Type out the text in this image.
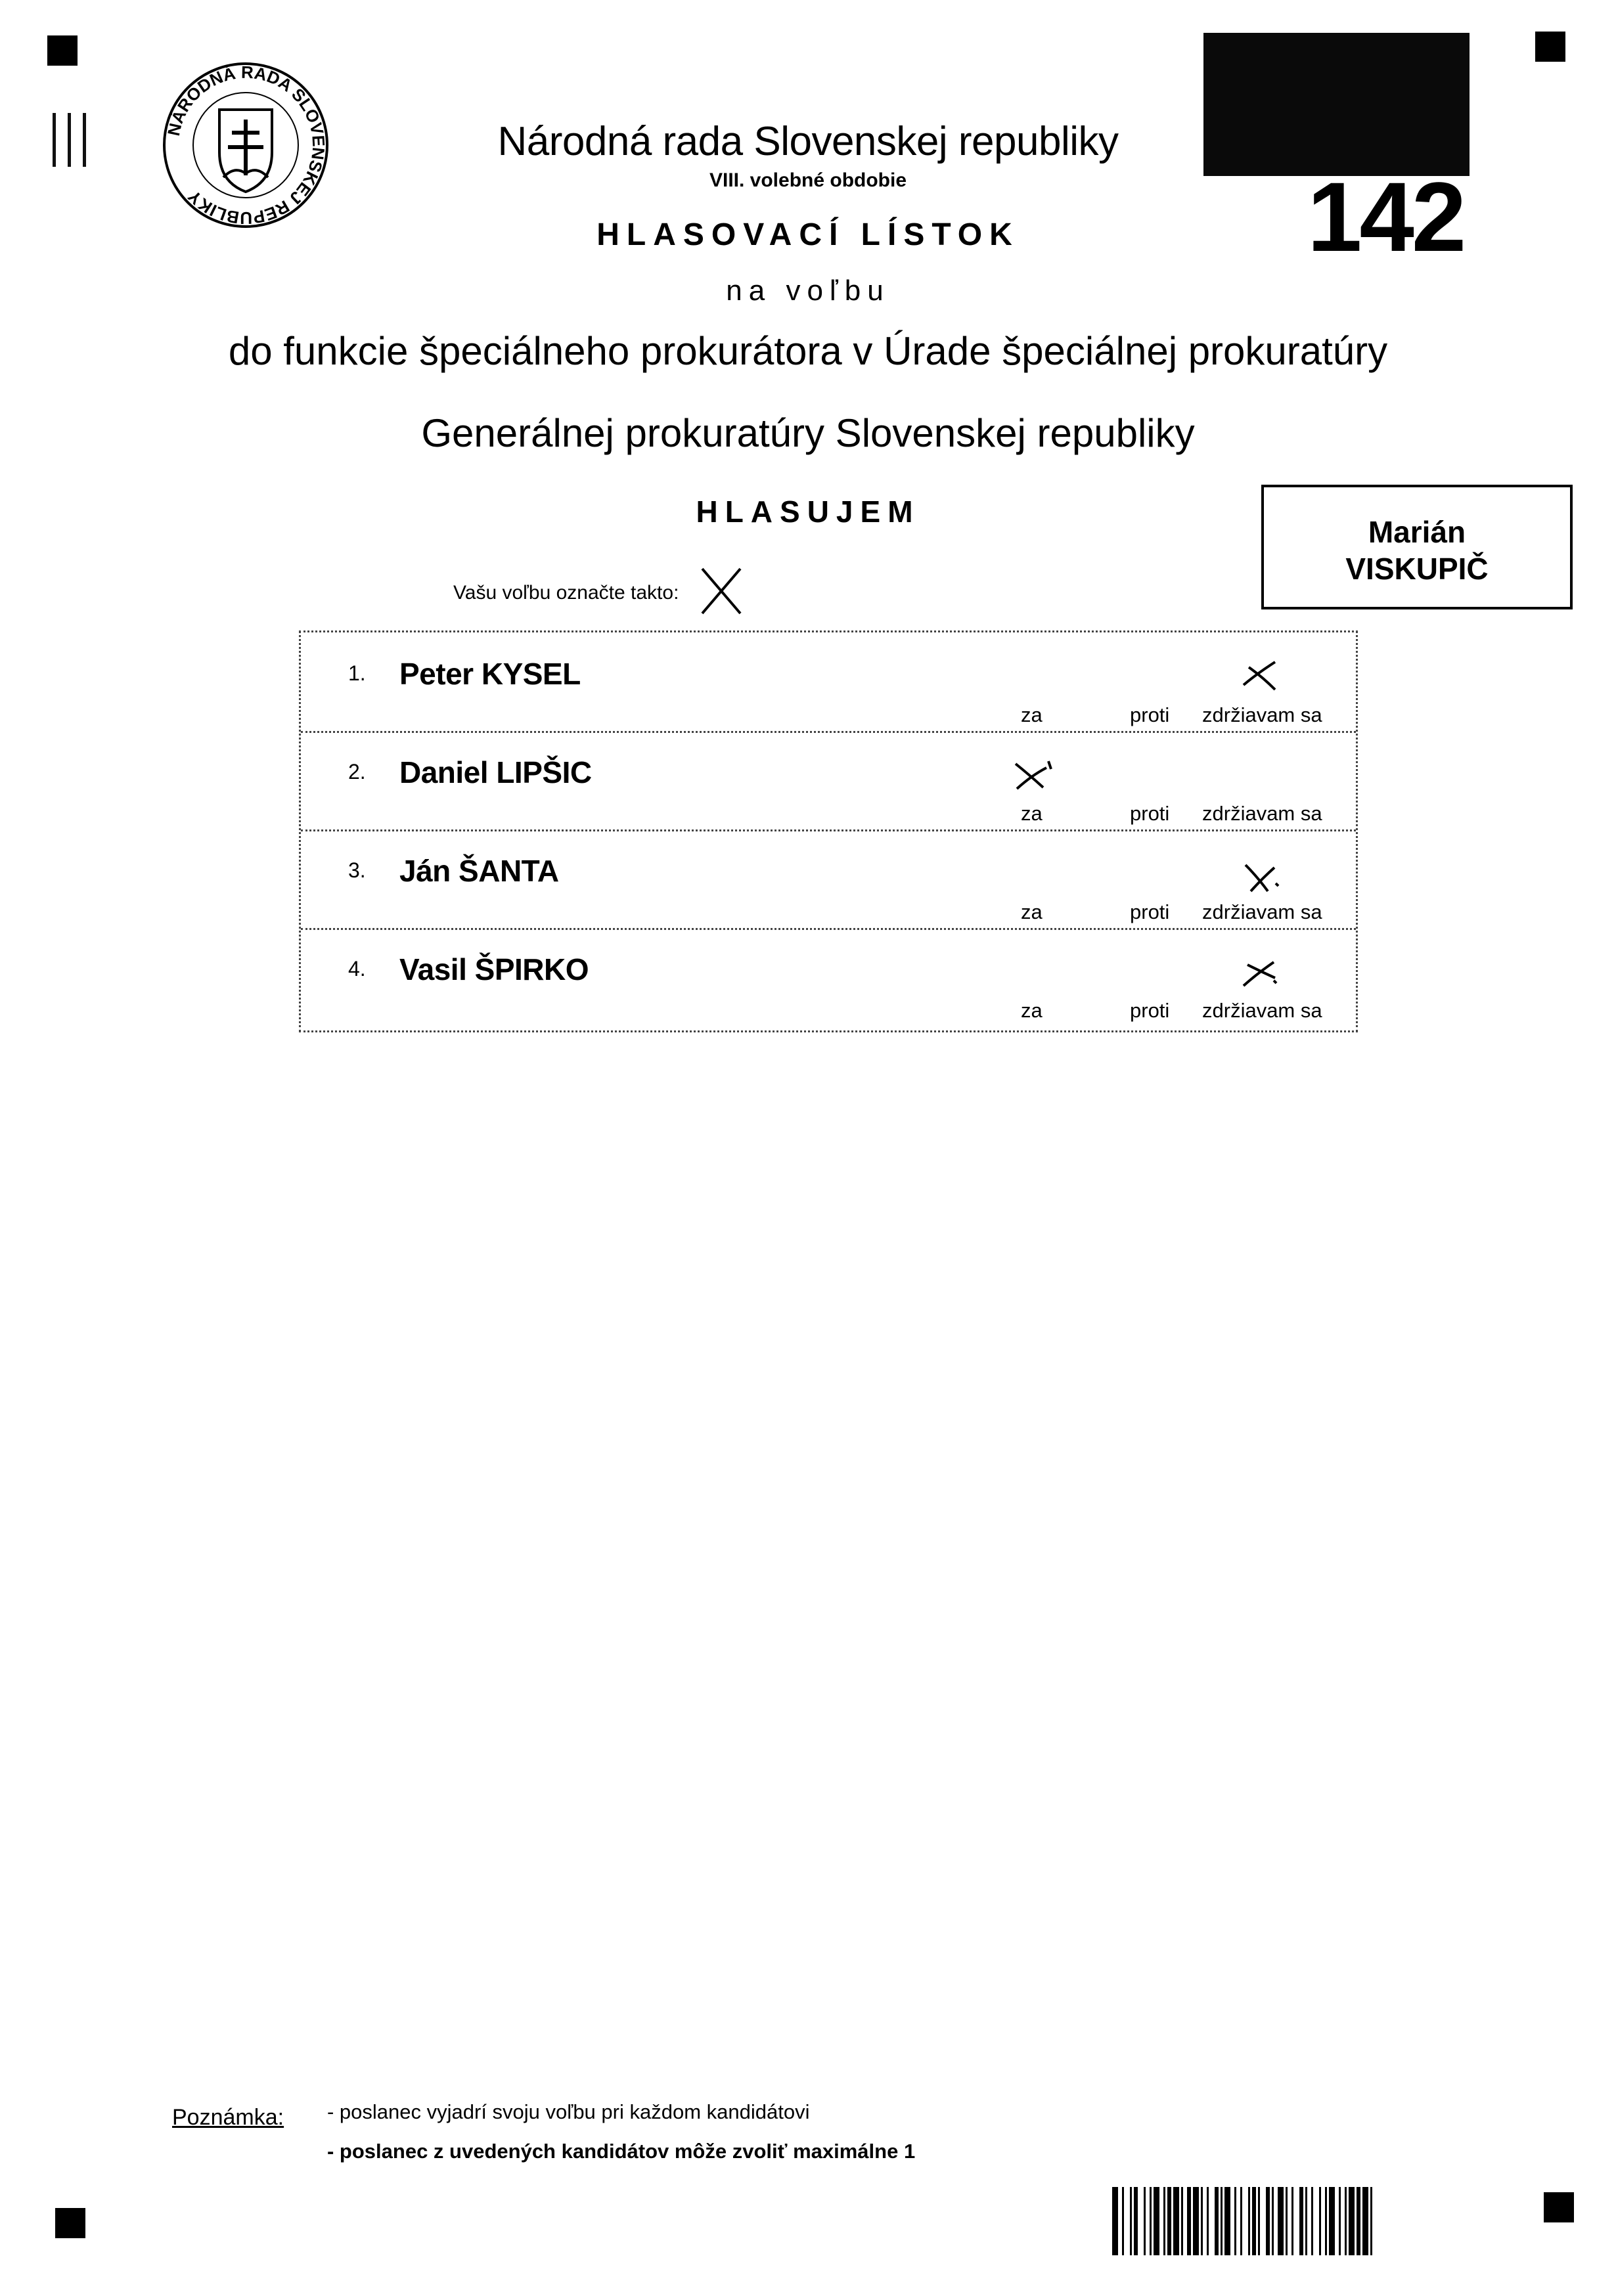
NÁRODNÁ RADA SLOVENSKEJ REPUBLIKY
Národná rada Slovenskej republiky
VIII. volebné obdobie
HLASOVACÍ LÍSTOK
na voľbu
do funkcie špeciálneho prokurátora v Úrade špeciálnej prokuratúry
Generálnej prokuratúry Slovenskej republiky
HLASUJEM
142
Marián
VISKUPIČ
Vašu voľbu označte takto:
1. Peter KYSEL
za	proti zdržiavam sa
2. Daniel LIPŠIC
za	proti zdržiavam sa
3. Ján ŠANTA
za	proti zdržiavam sa
4. Vasil ŠPIRKO
za	proti zdržiavam sa
Poznámka: - poslanec vyjadrí svoju voľbu pri každom kandidátovi
- poslanec z uvedených kandidátov môže zvoliť maximálne 1
